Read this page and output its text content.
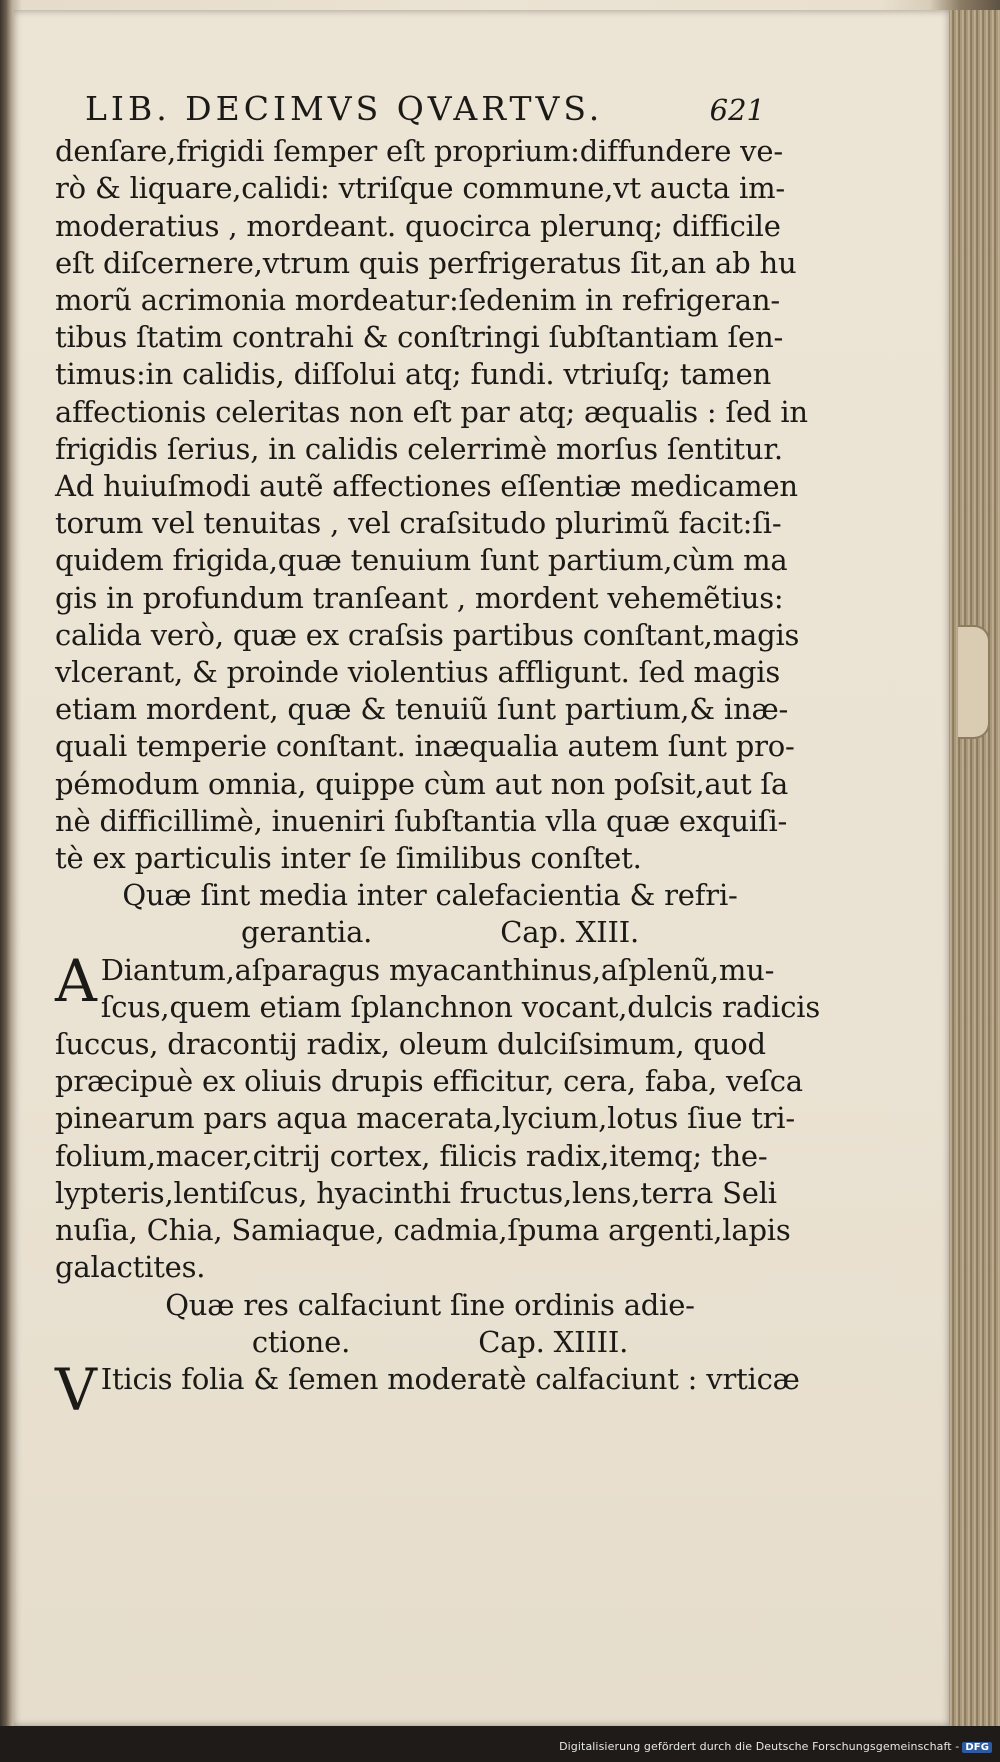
LIB. DECIMVS QVARTVS.	621
denſare,frigidi ſemper eſt proprium:diffundere ve-
rò & liquare,calidi: vtriſque commune,vt aucta im-
moderatius , mordeant. quocirca plerunq; difficile
eſt diſcernere,vtrum quis perfrigeratus ſit,an ab hu
morũ acrimonia mordeatur:ſedenim in refrigeran-
tibus ſtatim contrahi & conſtringi ſubſtantiam ſen-
timus:in calidis, diſſolui atq; fundi. vtriuſq; tamen
affectionis celeritas non eſt par atq; æqualis : ſed in
frigidis ſerius, in calidis celerrimè morſus ſentitur.
Ad huiuſmodi autẽ affectiones eſſentiæ medicamen
torum vel tenuitas , vel craſsitudo plurimũ facit:ſi-
quidem frigida,quæ tenuium ſunt partium,cùm ma
gis in profundum tranſeant , mordent vehemẽtius:
calida verò, quæ ex craſsis partibus conſtant,magis
vlcerant, & proinde violentius affligunt. ſed magis
etiam mordent, quæ & tenuiũ ſunt partium,& inæ-
quali temperie conſtant. inæqualia autem ſunt pro-
pémodum omnia, quippe cùm aut non poſsit,aut ſa
nè difficillimè, inueniri ſubſtantia vlla quæ exquiſi-
tè ex particulis inter ſe ſimilibus conſtet.
Quæ ſint media inter calefacientia & refri-
gerantia.	Cap. XIII.
A Diantum,aſparagus myacanthinus,aſplenũ,mu-
ſcus,quem etiam ſplanchnon vocant,dulcis radicis
ſuccus, dracontij radix, oleum dulciſsimum, quod
præcipuè ex oliuis drupis efficitur, cera, faba, veſca
pinearum pars aqua macerata,lycium,lotus ſiue tri-
folium,macer,citrij cortex, filicis radix,itemq; the-
lypteris,lentiſcus, hyacinthi fructus,lens,terra Seli
nuſia, Chia, Samiaque, cadmia,ſpuma argenti,lapis
galactites.
Quæ res calfaciunt ſine ordinis adie-
ctione.	Cap. XIIII.
V Iticis folia & ſemen moderatè calfaciunt : vrticæ
Digitalisierung gefördert durch die Deutsche Forschungsgemeinschaft - DFG
